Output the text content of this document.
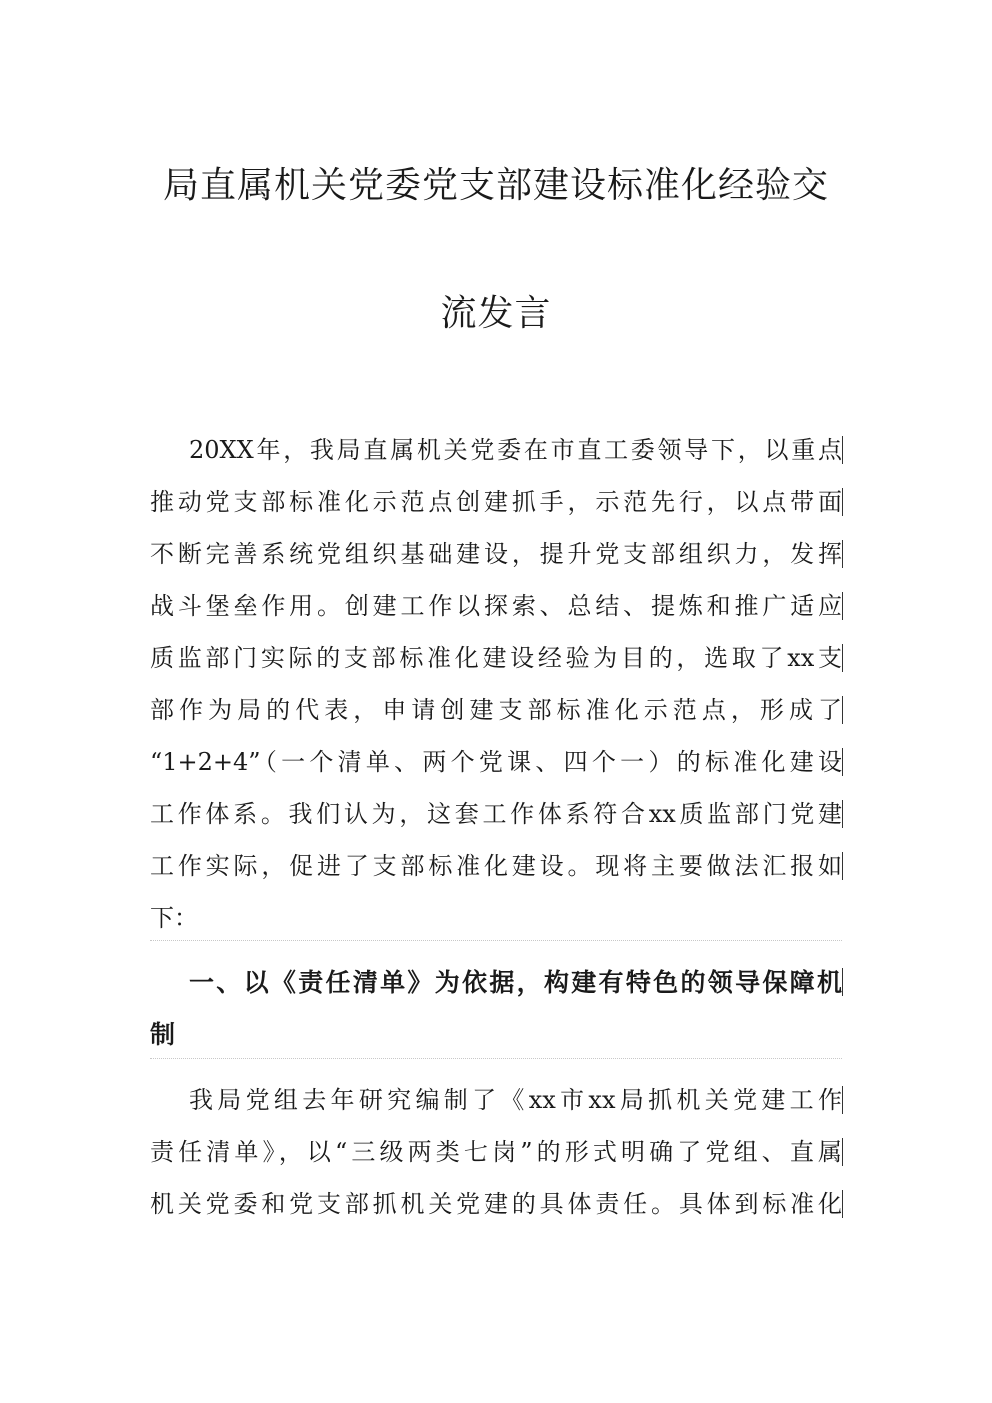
局直属机关党委党支部建设标准化经验交
流发言
20XX年，我局直属机关党委在市直工委领导下，以重点
推动党支部标准化示范点创建抓手，示范先行，以点带面
不断完善系统党组织基础建设，提升党支部组织力，发挥
战斗堡垒作用。创建工作以探索、总结、提炼和推广适应
质监部门实际的支部标准化建设经验为目的，选取了xx支
部作为局的代表，申请创建支部标准化示范点，形成了
“1+2+4”（一个清单、两个党课、四个一）的标准化建设
工作体系。我们认为，这套工作体系符合xx质监部门党建
工作实际，促进了支部标准化建设。现将主要做法汇报如
下：
一、以《责任清单》为依据，构建有特色的领导保障机
制
我局党组去年研究编制了《xx市xx局抓机关党建工作
责任清单》，以“三级两类七岗”的形式明确了党组、直属
机关党委和党支部抓机关党建的具体责任。具体到标准化
